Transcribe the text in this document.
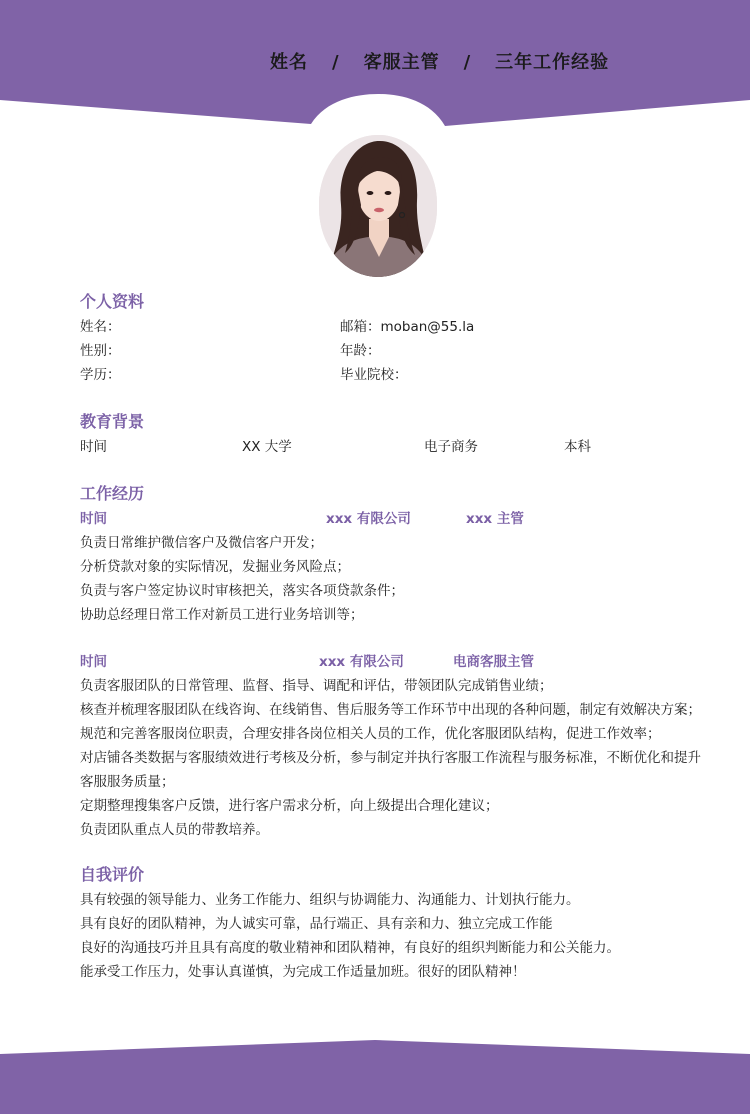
姓名 / 客服主管 / 三年工作经验
个人资料
姓名：	邮箱：moban@55.la
性别：	年龄：
学历：	毕业院校：
教育背景
时间	XX 大学	电子商务	本科
工作经历
时间	xxx 有限公司	xxx 主管
负责日常维护微信客户及微信客户开发；
分析贷款对象的实际情况，发掘业务风险点；
负责与客户签定协议时审核把关，落实各项贷款条件；
协助总经理日常工作对新员工进行业务培训等；
时间	xxx 有限公司	电商客服主管
负责客服团队的日常管理、监督、指导、调配和评估，带领团队完成销售业绩；
核查并梳理客服团队在线咨询、在线销售、售后服务等工作环节中出现的各种问题，制定有效解决方案；
规范和完善客服岗位职责，合理安排各岗位相关人员的工作，优化客服团队结构，促进工作效率；
对店铺各类数据与客服绩效进行考核及分析，参与制定并执行客服工作流程与服务标准，不断优化和提升
客服服务质量；
定期整理搜集客户反馈，进行客户需求分析，向上级提出合理化建议；
负责团队重点人员的带教培养。
自我评价
具有较强的领导能力、业务工作能力、组织与协调能力、沟通能力、计划执行能力。
具有良好的团队精神，为人诚实可靠，品行端正、具有亲和力、独立完成工作能
良好的沟通技巧并且具有高度的敬业精神和团队精神，有良好的组织判断能力和公关能力。
能承受工作压力，处事认真谨慎，为完成工作适量加班。很好的团队精神！
